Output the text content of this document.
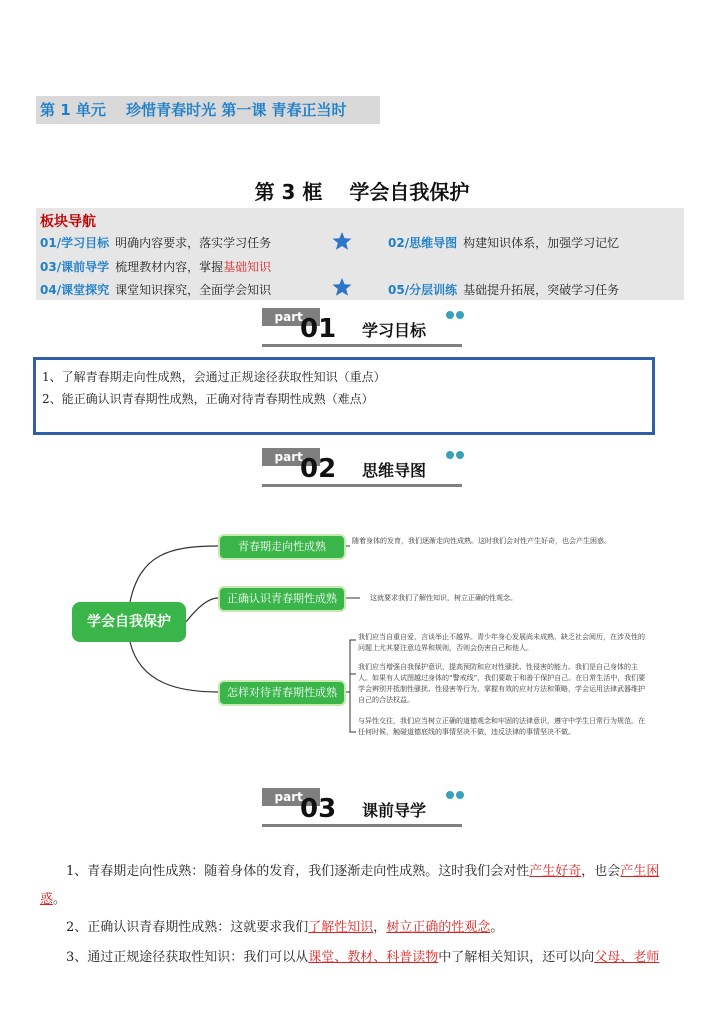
第 1 单元　 珍惜青春时光 第一课 青春正当时
第 3 框　 学会自我保护
板块导航
01/学习目标 明确内容要求，落实学习任务	02/思维导图 构建知识体系，加强学习记忆
03/课前导学 梳理教材内容，掌握基础知识
04/课堂探究 课堂知识探究，全面学会知识	05/分层训练 基础提升拓展，突破学习任务
part.
01 学习目标
1、了解青春期走向性成熟，会通过正规途径获取性知识（重点）
2、能正确认识青春期性成熟，正确对待青春期性成熟（难点）
part.
02 思维导图
学会自我保护
青春期走向性成熟
正确认识青春期性成熟
怎样对待青春期性成熟
随着身体的发育，我们逐渐走向性成熟。这时我们会对性产生好奇，也会产生困惑。
这就要求我们了解性知识，树立正确的性观念。
我们应当自重自爱，言谈举止不越界。青少年身心发展尚未成熟，缺乏社会阅历，在涉及性的问题上尤其要注意边界和规则，否则会伤害自己和他人。
我们应当增强自我保护意识，提高预防和应对性骚扰、性侵害的能力。我们是自己身体的主人。如果有人试图越过身体的“警戒线”，我们要敢于和善于保护自己。在日常生活中，我们要学会辨别并抵制性骚扰、性侵害等行为，掌握有效的应对方法和策略，学会运用法律武器维护自己的合法权益。
与异性交往，我们应当树立正确的道德观念和牢固的法律意识，遵守中学生日常行为规范。在任何时候，触碰道德底线的事情坚决不做，违反法律的事情坚决不做。
part.
03 课前导学
1、青春期走向性成熟：随着身体的发育，我们逐渐走向性成熟。这时我们会对性产生好奇，也会产生困惑。
2、正确认识青春期性成熟：这就要求我们了解性知识，树立正确的性观念。
3、通过正规途径获取性知识：我们可以从课堂、教材、科普读物中了解相关知识，还可以向父母、老师
